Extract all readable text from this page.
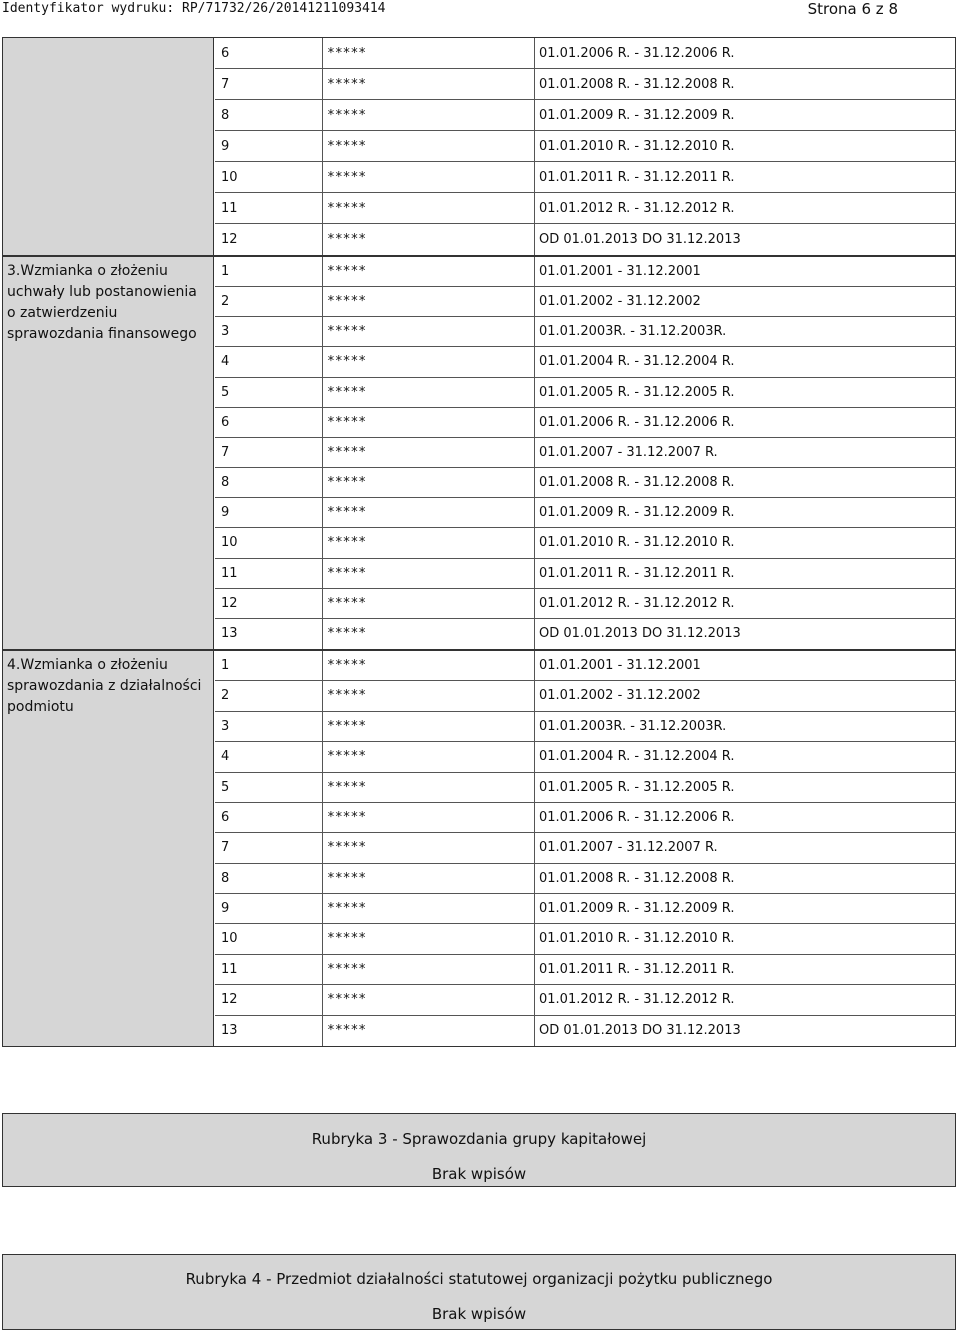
Identyfikator wydruku: RP/71732/26/20141211093414	Strona 6 z 8
6	*****	01.01.2006 R. - 31.12.2006 R.
7	*****	01.01.2008 R. - 31.12.2008 R.
8	*****	01.01.2009 R. - 31.12.2009 R.
9	*****	01.01.2010 R. - 31.12.2010 R.
10	*****	01.01.2011 R. - 31.12.2011 R.
11	*****	01.01.2012 R. - 31.12.2012 R.
12	*****	OD 01.01.2013 DO 31.12.2013
3.Wzmianka o złożeniu uchwały lub postanowienia o zatwierdzeniu sprawozdania finansowego
1	*****	01.01.2001 - 31.12.2001
2	*****	01.01.2002 - 31.12.2002
3	*****	01.01.2003R. - 31.12.2003R.
4	*****	01.01.2004 R. - 31.12.2004 R.
5	*****	01.01.2005 R. - 31.12.2005 R.
6	*****	01.01.2006 R. - 31.12.2006 R.
7	*****	01.01.2007 - 31.12.2007 R.
8	*****	01.01.2008 R. - 31.12.2008 R.
9	*****	01.01.2009 R. - 31.12.2009 R.
10	*****	01.01.2010 R. - 31.12.2010 R.
11	*****	01.01.2011 R. - 31.12.2011 R.
12	*****	01.01.2012 R. - 31.12.2012 R.
13	*****	OD 01.01.2013 DO 31.12.2013
4.Wzmianka o złożeniu sprawozdania z działalności podmiotu
1	*****	01.01.2001 - 31.12.2001
2	*****	01.01.2002 - 31.12.2002
3	*****	01.01.2003R. - 31.12.2003R.
4	*****	01.01.2004 R. - 31.12.2004 R.
5	*****	01.01.2005 R. - 31.12.2005 R.
6	*****	01.01.2006 R. - 31.12.2006 R.
7	*****	01.01.2007 - 31.12.2007 R.
8	*****	01.01.2008 R. - 31.12.2008 R.
9	*****	01.01.2009 R. - 31.12.2009 R.
10	*****	01.01.2010 R. - 31.12.2010 R.
11	*****	01.01.2011 R. - 31.12.2011 R.
12	*****	01.01.2012 R. - 31.12.2012 R.
13	*****	OD 01.01.2013 DO 31.12.2013
Rubryka 3 - Sprawozdania grupy kapitałowej
Brak wpisów
Rubryka 4 - Przedmiot działalności statutowej organizacji pożytku publicznego
Brak wpisów
